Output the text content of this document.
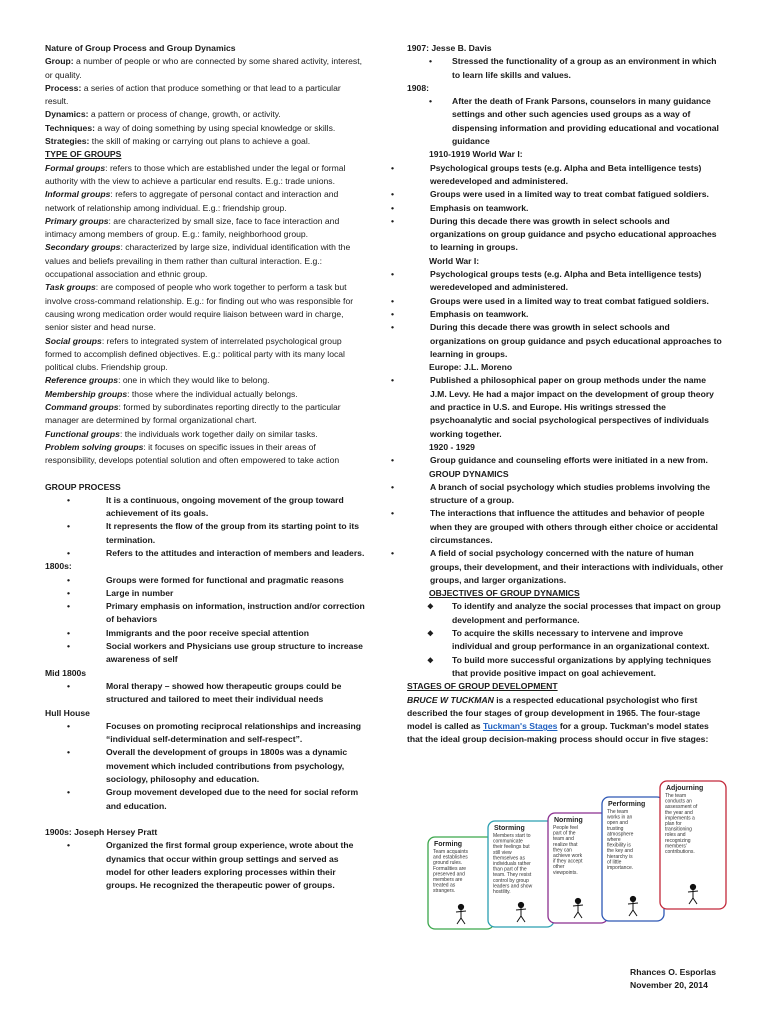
Nature of Group Process and Group Dynamics

Group: a number of people or who are connected by some shared activity, interest, or quality.

Process: a series of action that produce something or that lead to a particular result.

Dynamics: a pattern or process of change, growth, or activity.

Techniques: a way of doing something by using special knowledge or skills.

Strategies: the skill of making or carrying out plans to achieve a goal.

TYPE OF GROUPS

Formal groups: refers to those which are established under the legal or formal authority with the view to achieve a particular end results. E.g.: trade unions.

Informal groups: refers to aggregate of personal contact and interaction and network of relationship among individual. E.g.: friendship group.

Primary groups: are characterized by small size, face to face interaction and intimacy among members of group. E.g.: family, neighborhood group.

Secondary groups: characterized by large size, individual identification with the values and beliefs prevailing in them rather than cultural interaction. E.g.: occupational association and ethnic group.

Task groups: are composed of people who work together to perform a task but involve cross-command relationship. E.g.: for finding out who was responsible for causing wrong medication order would require liaison between ward in charge, senior sister and head nurse.

Social groups: refers to integrated system of interrelated psychological group formed to accomplish defined objectives. E.g.: political party with its many local political clubs. Friendship group.

Reference groups: one in which they would like to belong.

Membership groups: those where the individual actually belongs.

Command groups: formed by subordinates reporting directly to the particular manager are determined by formal organizational chart.

Functional groups: the individuals work together daily on similar tasks.

Problem solving groups: it focuses on specific issues in their areas of responsibility, develops potential solution and often empowered to take action

GROUP PROCESS

• It is a continuous, ongoing movement of the group toward achievement of its goals.
• It represents the flow of the group from its starting point to its termination.
• Refers to the attitudes and interaction of members and leaders.

1800s:

• Groups were formed for functional and pragmatic reasons
• Large in number
• Primary emphasis on information, instruction and/or correction of behaviors
• Immigrants and the poor receive special attention
• Social workers and Physicians use group structure to increase awareness of self

Mid 1800s

• Moral therapy – showed how therapeutic groups could be structured and tailored to meet their individual needs

Hull House

• Focuses on promoting reciprocal relationships and increasing “individual self-determination and self-respect”.
• Overall the development of groups in 1800s was a dynamic movement which included contributions from psychology, sociology, philosophy and education.
• Group movement developed due to the need for social reform and education.

1900s: Joseph Hersey Pratt

• Organized the first formal group experience, wrote about the dynamics that occur within group settings and served as model for other leaders exploring processes within their groups. He recognized the therapeutic power of groups.

1907: Jesse B. Davis

• Stressed the functionality of a group as an environment in which to learn life skills and values.

1908:

• After the death of Frank Parsons, counselors in many guidance settings and other such agencies used groups as a way of dispensing information and providing educational and vocational guidance

1910-1919 World War I:

• Psychological groups tests (e.g. Alpha and Beta intelligence tests) weredeveloped and administered.
• Groups were used in a limited way to treat combat fatigued soldiers.
• Emphasis on teamwork.
• During this decade there was growth in select schools and organizations on group guidance and psycho educational approaches to learning in groups.

World War I:

• Psychological groups tests (e.g. Alpha and Beta intelligence tests) weredeveloped and administered.
• Groups were used in a limited way to treat combat fatigued soldiers.
• Emphasis on teamwork.
• During this decade there was growth in select schools and organizations on group guidance and psych educational approaches to learning in groups.

Europe: J.L. Moreno

• Published a philosophical paper on group methods under the name J.M. Levy. He had a major impact on the development of group theory and practice in U.S. and Europe. His writings stressed the psychoanalytic and social psychological perspectives of individuals working together.

1920 - 1929

• Group guidance and counseling efforts were initiated in a new from.

GROUP DYNAMICS

• A branch of social psychology which studies problems involving the structure of a group.
• The interactions that influence the attitudes and behavior of people when they are grouped with others through either choice or accidental circumstances.
• A field of social psychology concerned with the nature of human groups, their development, and their interactions with individuals, other groups, and larger organizations.

OBJECTIVES OF GROUP DYNAMICS

❖ To identify and analyze the social processes that impact on group development and performance.
❖ To acquire the skills necessary to intervene and improve individual and group performance in an organizational context.
❖ To build more successful organizations by applying techniques that provide positive impact on goal achievement.

STAGES OF GROUP DEVELOPMENT

BRUCE W TUCKMAN is a respected educational psychologist who first described the four stages of group development in 1965. The four-stage model is called as Tuckman's Stages for a group. Tuckman's model states that the ideal group decision-making process should occur in five stages:

Forming
Team acquaints
and establishes
ground rules.
Formalities are
preserved and
members are
treated as
strangers.
Storming
Members start to
communicate
their feelings but
still view
themselves as
individuals rather
than part of the
team. They resist
control by group
leaders and show
hostility.
Norming
People feel
part of the
team and
realize that
they can
achieve work
if they accept
other
viewpoints.
Performing
The team
works in an
open and
trusting
atmosphere
where
flexibility is
the key and
hierarchy is
of little
importance.
Adjourning
The team
conducts an
assessment of
the year and
implements a
plan for
transitioning
roles and
recognizing
members'
contributions.
Rhances O. Esporlas
November 20, 2014
